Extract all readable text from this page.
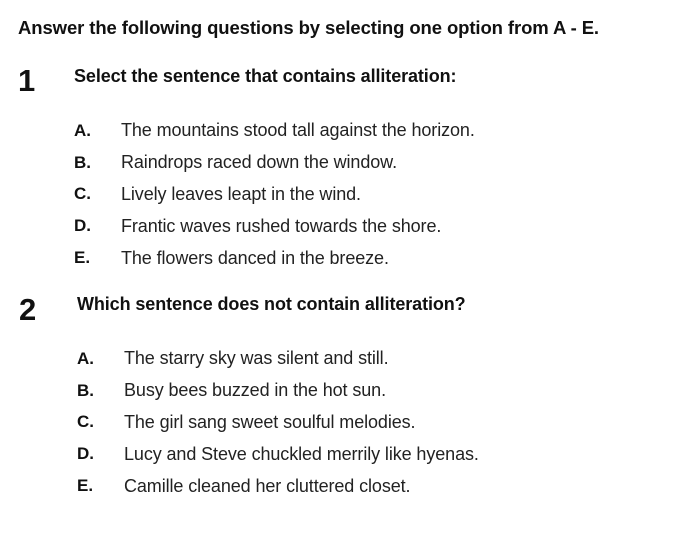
Answer the following questions by selecting one option from A - E.
1 Select the sentence that contains alliteration:
A.	The mountains stood tall against the horizon.
B.	Raindrops raced down the window.
C.	Lively leaves leapt in the wind.
D.	Frantic waves rushed towards the shore.
E.	The flowers danced in the breeze.
2 Which sentence does not contain alliteration?
A.	The starry sky was silent and still.
B.	Busy bees buzzed in the hot sun.
C.	The girl sang sweet soulful melodies.
D.	Lucy and Steve chuckled merrily like hyenas.
E.	Camille cleaned her cluttered closet.
